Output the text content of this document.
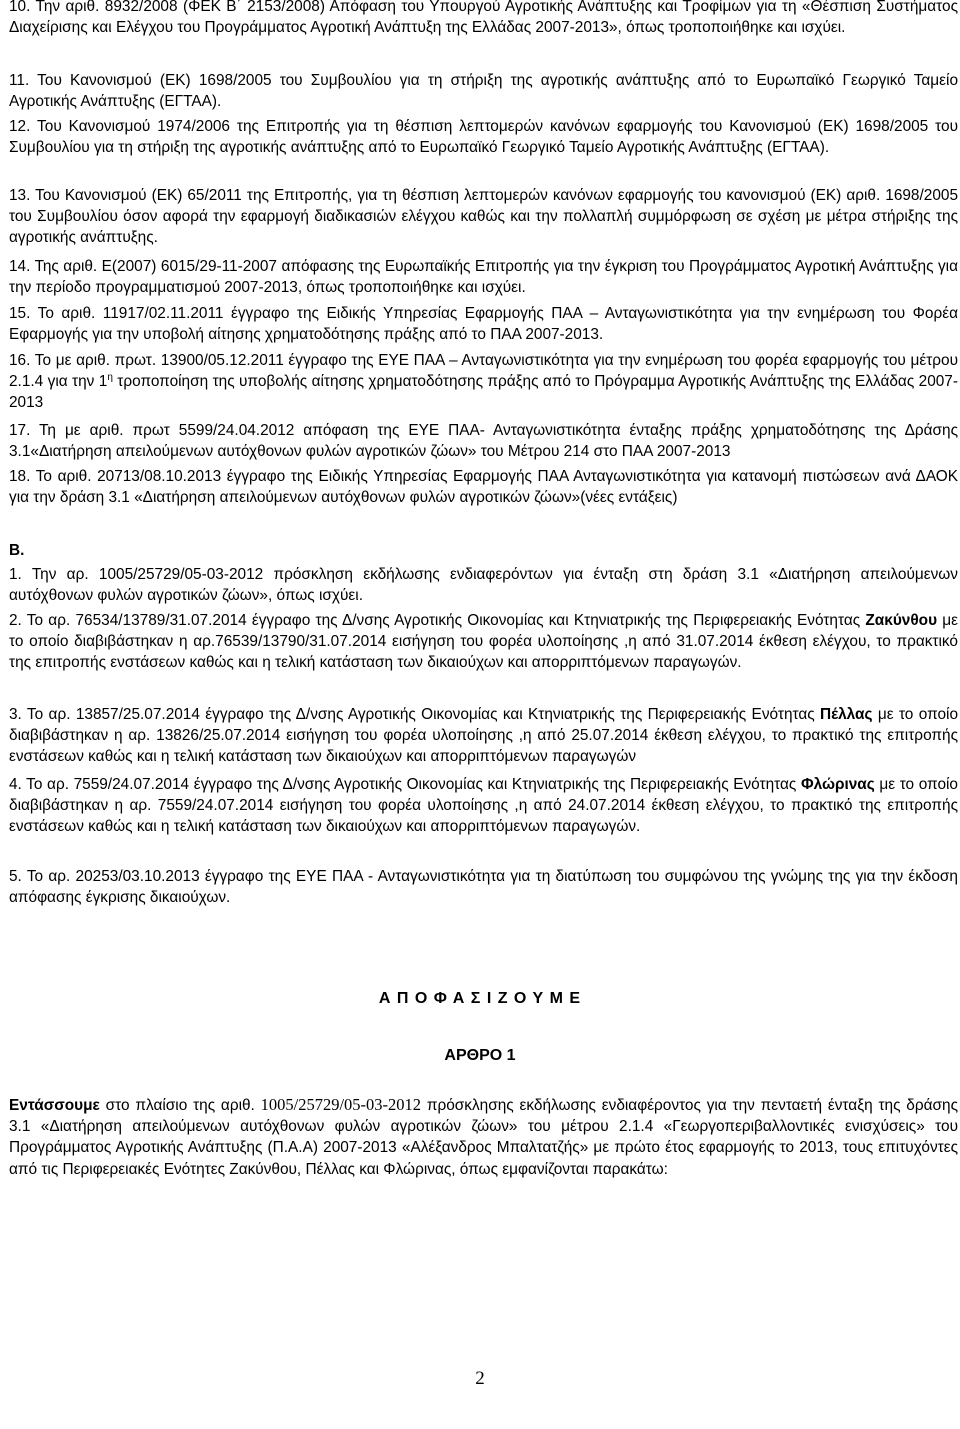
10. Την αριθ. 8932/2008 (ΦΕΚ Β΄ 2153/2008) Απόφαση του Υπουργού Αγροτικής Ανάπτυξης και Τροφίμων για τη «Θέσπιση Συστήματος Διαχείρισης και Ελέγχου του Προγράμματος Αγροτική Ανάπτυξη της Ελλάδας 2007-2013», όπως τροποποιήθηκε και ισχύει.

11. Του Κανονισμού (ΕΚ) 1698/2005 του Συμβουλίου για τη στήριξη της αγροτικής ανάπτυξης από το Ευρωπαϊκό Γεωργικό Ταμείο Αγροτικής Ανάπτυξης (ΕΓΤΑΑ).

12. Του Κανονισμού 1974/2006 της Επιτροπής για τη θέσπιση λεπτομερών κανόνων εφαρμογής του Κανονισμού (ΕΚ) 1698/2005 του Συμβουλίου για τη στήριξη της αγροτικής ανάπτυξης από το Ευρωπαϊκό Γεωργικό Ταμείο Αγροτικής Ανάπτυξης (ΕΓΤΑΑ).

13. Του Κανονισμού (ΕΚ) 65/2011 της Επιτροπής, για τη θέσπιση λεπτομερών κανόνων εφαρμογής του κανονισμού (ΕΚ) αριθ. 1698/2005 του Συμβουλίου όσον αφορά την εφαρμογή διαδικασιών ελέγχου καθώς και την πολλαπλή συμμόρφωση σε σχέση με μέτρα στήριξης της αγροτικής ανάπτυξης.

14. Της αριθ. Ε(2007) 6015/29-11-2007 απόφασης της Ευρωπαϊκής Επιτροπής για την έγκριση του Προγράμματος Αγροτική Ανάπτυξης για την περίοδο προγραμματισμού 2007-2013, όπως τροποποιήθηκε και ισχύει.

15. Το αριθ. 11917/02.11.2011 έγγραφο της Ειδικής Υπηρεσίας Εφαρμογής ΠΑΑ – Ανταγωνιστικότητα για την ενημέρωση του Φορέα Εφαρμογής για την υποβολή αίτησης χρηματοδότησης πράξης από το ΠΑΑ 2007-2013.

16. Το με αριθ. πρωτ. 13900/05.12.2011 έγγραφο της ΕΥΕ ΠΑΑ – Ανταγωνιστικότητα για την ενημέρωση του φορέα εφαρμογής του μέτρου 2.1.4 για την $1^\eta$ τροποποίηση της υποβολής αίτησης χρηματοδότησης πράξης από το Πρόγραμμα Αγροτικής Ανάπτυξης της Ελλάδας 2007-2013

17. Τη με αριθ. πρωτ 5599/24.04.2012 απόφαση της ΕΥΕ ΠΑΑ- Ανταγωνιστικότητα ένταξης πράξης χρηματοδότησης της Δράσης 3.1«Διατήρηση απειλούμενων αυτόχθονων φυλών αγροτικών ζώων» του Μέτρου 214 στο ΠΑΑ 2007-2013

18. Το αριθ. 20713/08.10.2013 έγγραφο της Ειδικής Υπηρεσίας Εφαρμογής ΠΑΑ Ανταγωνιστικότητα για κατανομή πιστώσεων ανά ΔΑΟΚ για την δράση 3.1 «Διατήρηση απειλούμενων αυτόχθονων φυλών αγροτικών ζώων»(νέες εντάξεις)

Β.

1. Την αρ. 1005/25729/05-03-2012 πρόσκληση εκδήλωσης ενδιαφερόντων για ένταξη στη δράση 3.1 «Διατήρηση απειλούμενων αυτόχθονων φυλών αγροτικών ζώων», όπως ισχύει.

2. Το αρ. 76534/13789/31.07.2014 έγγραφο της Δ/νσης Αγροτικής Οικονομίας και Κτηνιατρικής της Περιφερειακής Ενότητας Ζακύνθου με το οποίο διαβιβάστηκαν η αρ.76539/13790/31.07.2014 εισήγηση του φορέα υλοποίησης ,η από 31.07.2014 έκθεση ελέγχου, το πρακτικό της επιτροπής ενστάσεων καθώς και η τελική κατάσταση των δικαιούχων και απορριπτόμενων παραγωγών.

3. Το αρ. 13857/25.07.2014 έγγραφο της Δ/νσης Αγροτικής Οικονομίας και Κτηνιατρικής της Περιφερειακής Ενότητας Πέλλας με το οποίο διαβιβάστηκαν η αρ. 13826/25.07.2014 εισήγηση του φορέα υλοποίησης ,η από 25.07.2014 έκθεση ελέγχου, το πρακτικό της επιτροπής ενστάσεων καθώς και η τελική κατάσταση των δικαιούχων και απορριπτόμενων παραγωγών

4. Το αρ. 7559/24.07.2014 έγγραφο της Δ/νσης Αγροτικής Οικονομίας και Κτηνιατρικής της Περιφερειακής Ενότητας Φλώρινας με το οποίο διαβιβάστηκαν η αρ. 7559/24.07.2014 εισήγηση του φορέα υλοποίησης ,η από 24.07.2014 έκθεση ελέγχου, το πρακτικό της επιτροπής ενστάσεων καθώς και η τελική κατάσταση των δικαιούχων και απορριπτόμενων παραγωγών.

5. Το αρ. 20253/03.10.2013 έγγραφο της ΕΥΕ ΠΑΑ - Ανταγωνιστικότητα για τη διατύπωση του συμφώνου της γνώμης της για την έκδοση απόφασης έγκρισης δικαιούχων.

Α Π Ο Φ Α Σ Ι Ζ Ο Υ Μ Ε

ΑΡΘΡΟ 1

Εντάσσουμε στο πλαίσιο της αριθ. 1005/25729/05-03-2012 πρόσκλησης εκδήλωσης ενδιαφέροντος για την πενταετή ένταξη της δράσης 3.1 «Διατήρηση απειλούμενων αυτόχθονων φυλών αγροτικών ζώων» του μέτρου 2.1.4 «Γεωργοπεριβαλλοντικές ενισχύσεις» του Προγράμματος Αγροτικής Ανάπτυξης (Π.Α.Α) 2007-2013 «Αλέξανδρος Μπαλτατζής» με πρώτο έτος εφαρμογής το 2013, τους επιτυχόντες από τις Περιφερειακές Ενότητες Ζακύνθου, Πέλλας και Φλώρινας, όπως εμφανίζονται παρακάτω:

2
